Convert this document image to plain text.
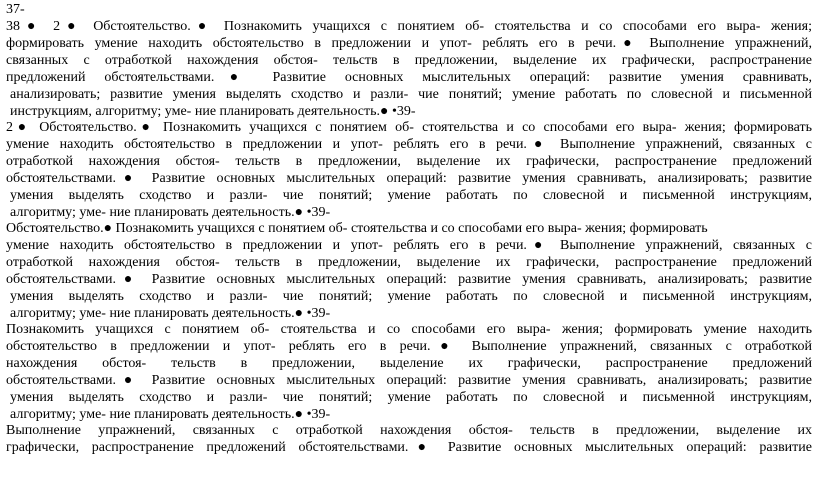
37-
38● 2● Обстоятельство.● Познакомить учащихся с понятием об- стоятельства и со способами его выра- жения;
формировать умение находить обстоятельство в предложении и упот- реблять его в речи.● Выполнение упражнений,
связанных с отработкой нахождения обстоя- тельств в предложении, выделение их графически, распространение
предложений обстоятельствами.● Развитие основных мыслительных операций: развитие умения сравнивать,
анализировать; развитие умения выделять сходство и разли- чие понятий; умение работать по словесной и письменной
инструкциям, алгоритму; уме- ние планировать деятельность.● •39-
2● Обстоятельство.● Познакомить учащихся с понятием об- стоятельства и со способами его выра- жения; формировать
умение находить обстоятельство в предложении и упот- реблять его в речи.● Выполнение упражнений, связанных с
отработкой нахождения обстоя- тельств в предложении, выделение их графически, распространение предложений
обстоятельствами.● Развитие основных мыслительных операций: развитие умения сравнивать, анализировать; развитие
умения выделять сходство и разли- чие понятий; умение работать по словесной и письменной инструкциям,
алгоритму; уме- ние планировать деятельность.● •39-
Обстоятельство.● Познакомить учащихся с понятием об- стоятельства и со способами его выра- жения; формировать
умение находить обстоятельство в предложении и упот- реблять его в речи.● Выполнение упражнений, связанных с
отработкой нахождения обстоя- тельств в предложении, выделение их графически, распространение предложений
обстоятельствами.● Развитие основных мыслительных операций: развитие умения сравнивать, анализировать; развитие
умения выделять сходство и разли- чие понятий; умение работать по словесной и письменной инструкциям,
алгоритму; уме- ние планировать деятельность.● •39-
Познакомить учащихся с понятием об- стоятельства и со способами его выра- жения; формировать умение находить
обстоятельство в предложении и упот- реблять его в речи.● Выполнение упражнений, связанных с отработкой
нахождения обстоя- тельств в предложении, выделение их графически, распространение предложений
обстоятельствами.● Развитие основных мыслительных операций: развитие умения сравнивать, анализировать; развитие
умения выделять сходство и разли- чие понятий; умение работать по словесной и письменной инструкциям,
алгоритму; уме- ние планировать деятельность.● •39-
Выполнение упражнений, связанных с отработкой нахождения обстоя- тельств в предложении, выделение их
графически, распространение предложений обстоятельствами.● Развитие основных мыслительных операций: развитие
